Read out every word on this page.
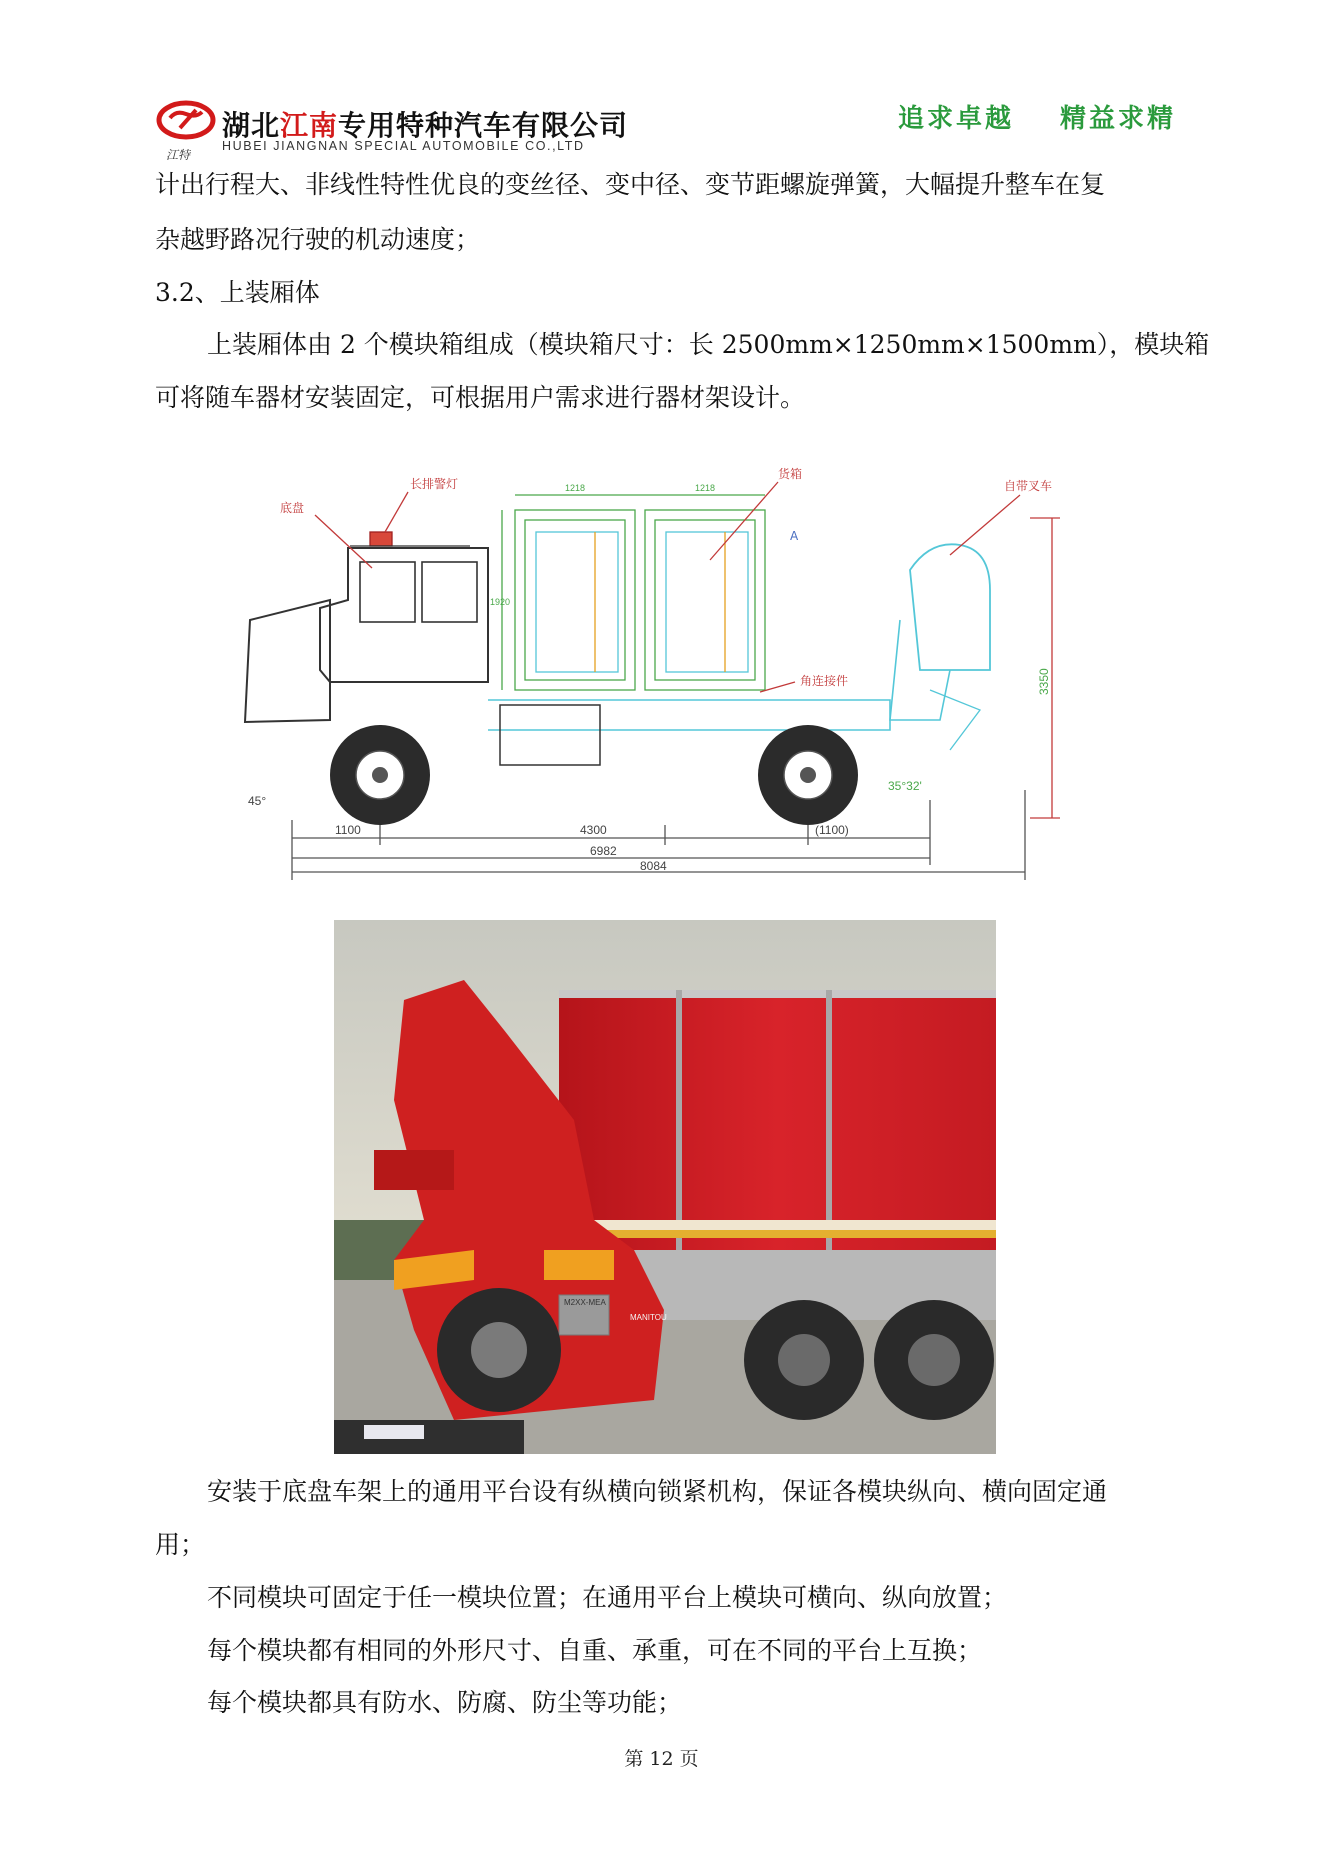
江特
湖北江南专用特种汽车有限公司
HUBEI JIANGNAN SPECIAL AUTOMOBILE CO.,LTD
追求卓越 精益求精
计出行程大、非线性特性优良的变丝径、变中径、变节距螺旋弹簧，大幅提升整车在复
杂越野路况行驶的机动速度；
3.2、上装厢体
上装厢体由 2 个模块箱组成（模块箱尺寸：长 2500mm×1250mm×1500mm），模块箱
可将随车器材安装固定，可根据用户需求进行器材架设计。
底盘
长排警灯
货箱
自带叉车
角连接件
A
1218	1218
1920
1100	4300	(1100)
6982
8084
45°
35°32'
3350
M2XX-MEA
MANITOU
安装于底盘车架上的通用平台设有纵横向锁紧机构，保证各模块纵向、横向固定通
用；
不同模块可固定于任一模块位置；在通用平台上模块可横向、纵向放置；
每个模块都有相同的外形尺寸、自重、承重，可在不同的平台上互换；
每个模块都具有防水、防腐、防尘等功能；
第 12 页
